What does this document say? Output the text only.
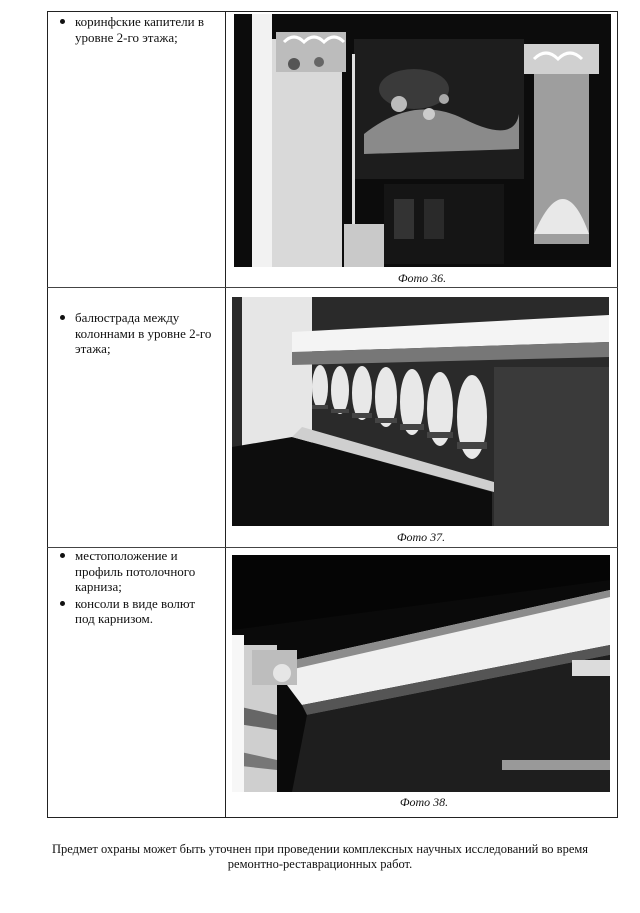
коринфские капители в уровне 2-го этажа;
Фото 36.
балюстрада между колоннами в уровне 2-го этажа;
Фото 37.
местоположение и профиль потолочного карниза;
консоли в виде волют под карнизом.
Фото 38.
Предмет охраны может быть уточнен при проведении комплексных научных исследований во время ремонтно-реставрационных работ.
